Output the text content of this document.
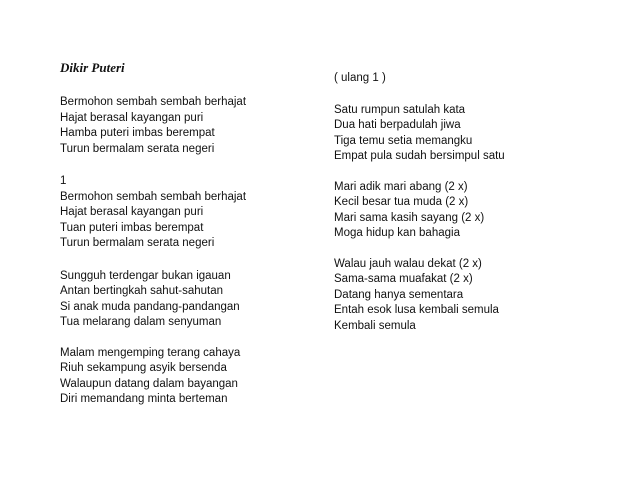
Dikir Puteri
Bermohon sembah sembah berhajat
Hajat berasal kayangan puri
Hamba puteri imbas berempat
Turun bermalam serata negeri
1
Bermohon sembah sembah berhajat
Hajat berasal kayangan puri
Tuan puteri imbas berempat
Turun bermalam serata negeri
Sungguh terdengar bukan igauan
Antan bertingkah sahut-sahutan
Si anak muda pandang-pandangan
Tua melarang dalam senyuman
Malam mengemping terang cahaya
Riuh sekampung asyik bersenda
Walaupun datang dalam bayangan
Diri memandang minta berteman
( ulang 1 )
Satu rumpun satulah kata
Dua hati berpadulah jiwa
Tiga temu setia memangku
Empat pula sudah bersimpul satu
Mari adik mari abang (2 x)
Kecil besar tua muda (2 x)
Mari sama kasih sayang (2 x)
Moga hidup kan bahagia
Walau jauh walau dekat (2 x)
Sama-sama muafakat (2 x)
Datang hanya sementara
Entah esok lusa kembali semula
Kembali semula
